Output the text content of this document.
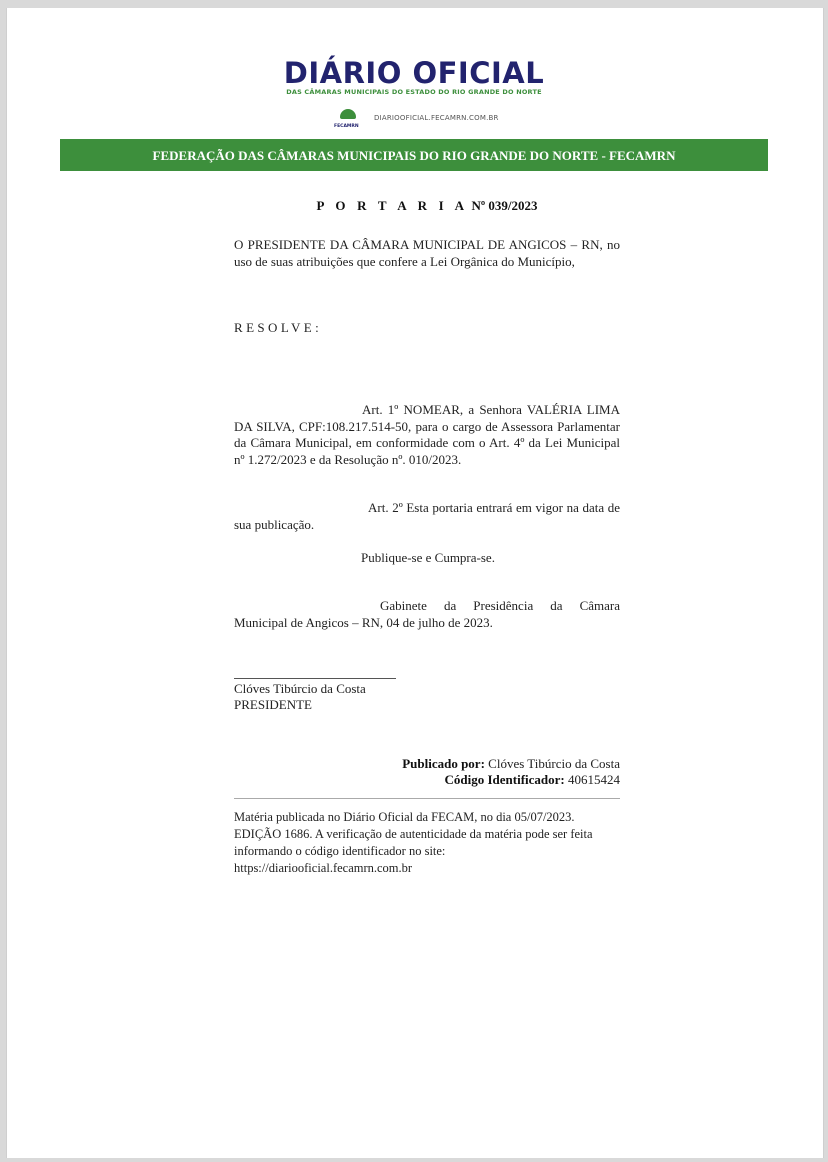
DIÁRIO OFICIAL
DAS CÂMARAS MUNICIPAIS DO ESTADO DO RIO GRANDE DO NORTE
FECAMRN
DIARIOOFICIAL.FECAMRN.COM.BR
FEDERAÇÃO DAS CÂMARAS MUNICIPAIS DO RIO GRANDE DO NORTE - FECAMRN
P O R T A R I A Nº 039/2023
O PRESIDENTE DA CÂMARA MUNICIPAL DE ANGICOS – RN, no uso de suas atribuições que confere a Lei Orgânica do Município,
RESOLVE:
Art. 1º NOMEAR, a Senhora VALÉRIA LIMA DA SILVA, CPF:108.217.514-50, para o cargo de Assessora Parlamentar da Câmara Municipal, em conformidade com o Art. 4º da Lei Municipal nº 1.272/2023 e da Resolução nº. 010/2023.
Art. 2º Esta portaria entrará em vigor na data de sua publicação.
Publique-se e Cumpra-se.
Gabinete da Presidência da Câmara Municipal de Angicos – RN, 04 de julho de 2023.
Clóves Tibúrcio da Costa
PRESIDENTE
Publicado por: Clóves Tibúrcio da Costa
Código Identificador: 40615424
Matéria publicada no Diário Oficial da FECAM, no dia 05/07/2023. EDIÇÃO 1686. A verificação de autenticidade da matéria pode ser feita informando o código identificador no site: https://diariooficial.fecamrn.com.br
